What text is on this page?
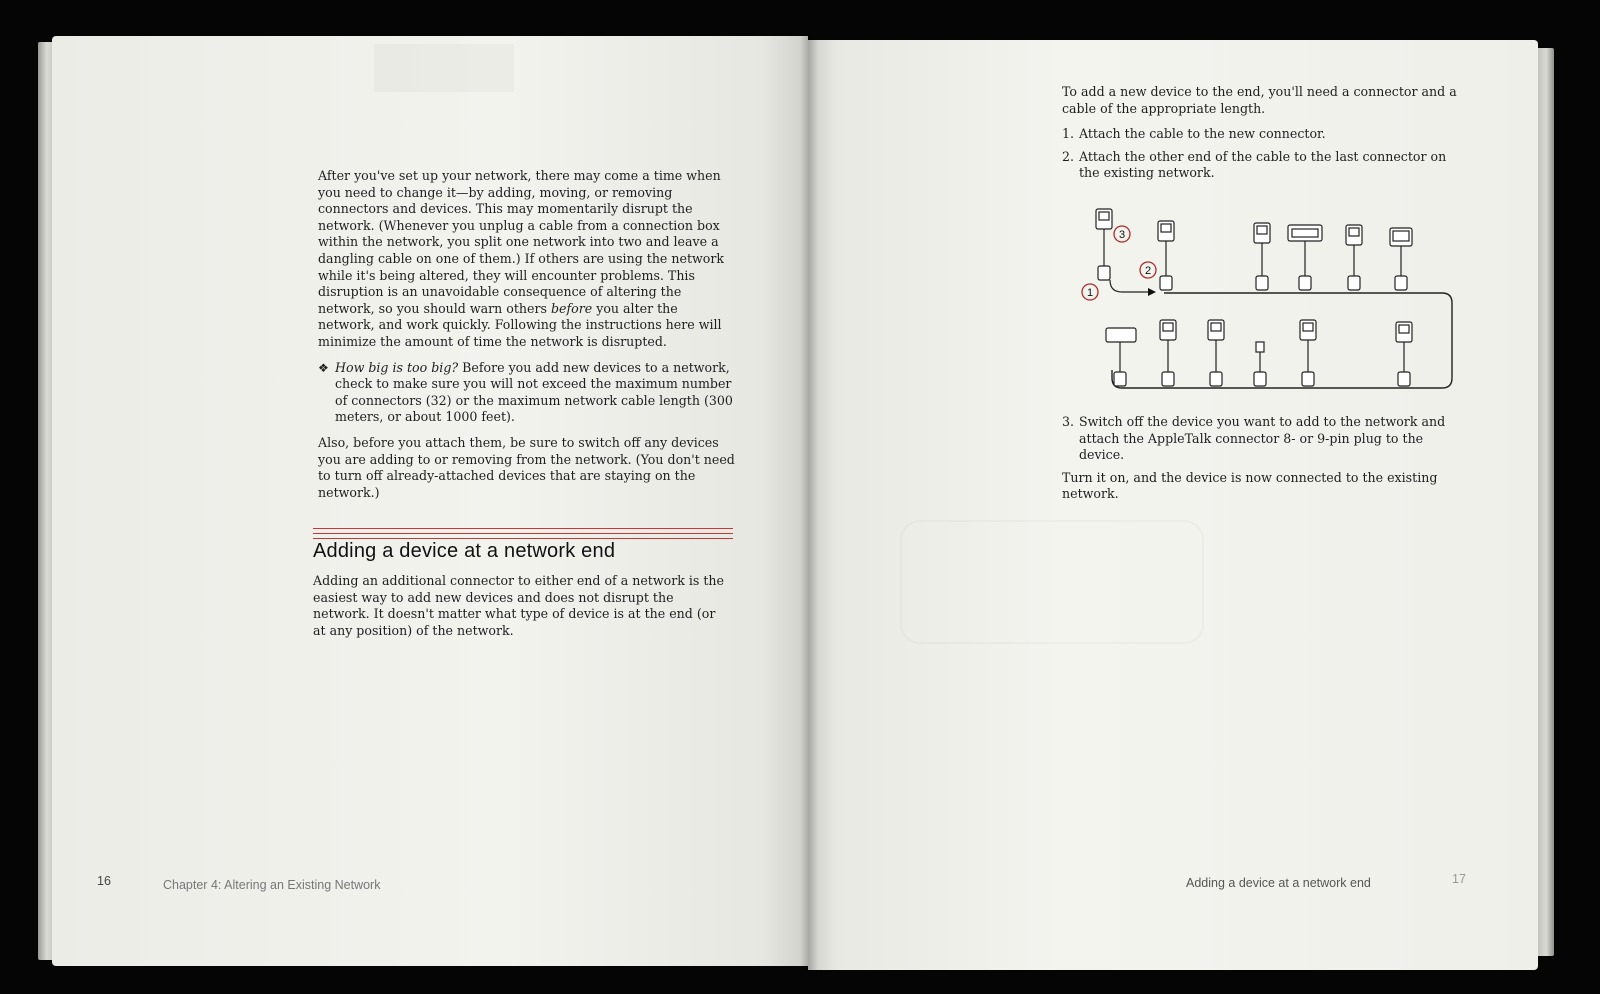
After you've set up your network, there may come a time when you need to change it—by adding, moving, or removing connectors and devices. This may momentarily disrupt the network. (Whenever you unplug a cable from a connection box within the network, you split one network into two and leave a dangling cable on one of them.) If others are using the network while it's being altered, they will encounter problems. This disruption is an unavoidable consequence of altering the network, so you should warn others before you alter the network, and work quickly. Following the instructions here will minimize the amount of time the network is disrupted.

❖ How big is too big? Before you add new devices to a network, check to make sure you will not exceed the maximum number of connectors (32) or the maximum network cable length (300 meters, or about 1000 feet).

Also, before you attach them, be sure to switch off any devices you are adding to or removing from the network. (You don't need to turn off already-attached devices that are staying on the network.)

Adding a device at a network end
Adding an additional connector to either end of a network is the easiest way to add new devices and does not disrupt the network. It doesn't matter what type of device is at the end (or at any position) of the network.
16	Chapter 4: Altering an Existing Network

To add a new device to the end, you'll need a connector and a cable of the appropriate length.

1. Attach the cable to the new connector.
2. Attach the other end of the cable to the last connector on the existing network.
1
2
3
3. Switch off the device you want to add to the network and attach the AppleTalk connector 8- or 9-pin plug to the device.

Turn it on, and the device is now connected to the existing network.

Adding a device at a network end	17
